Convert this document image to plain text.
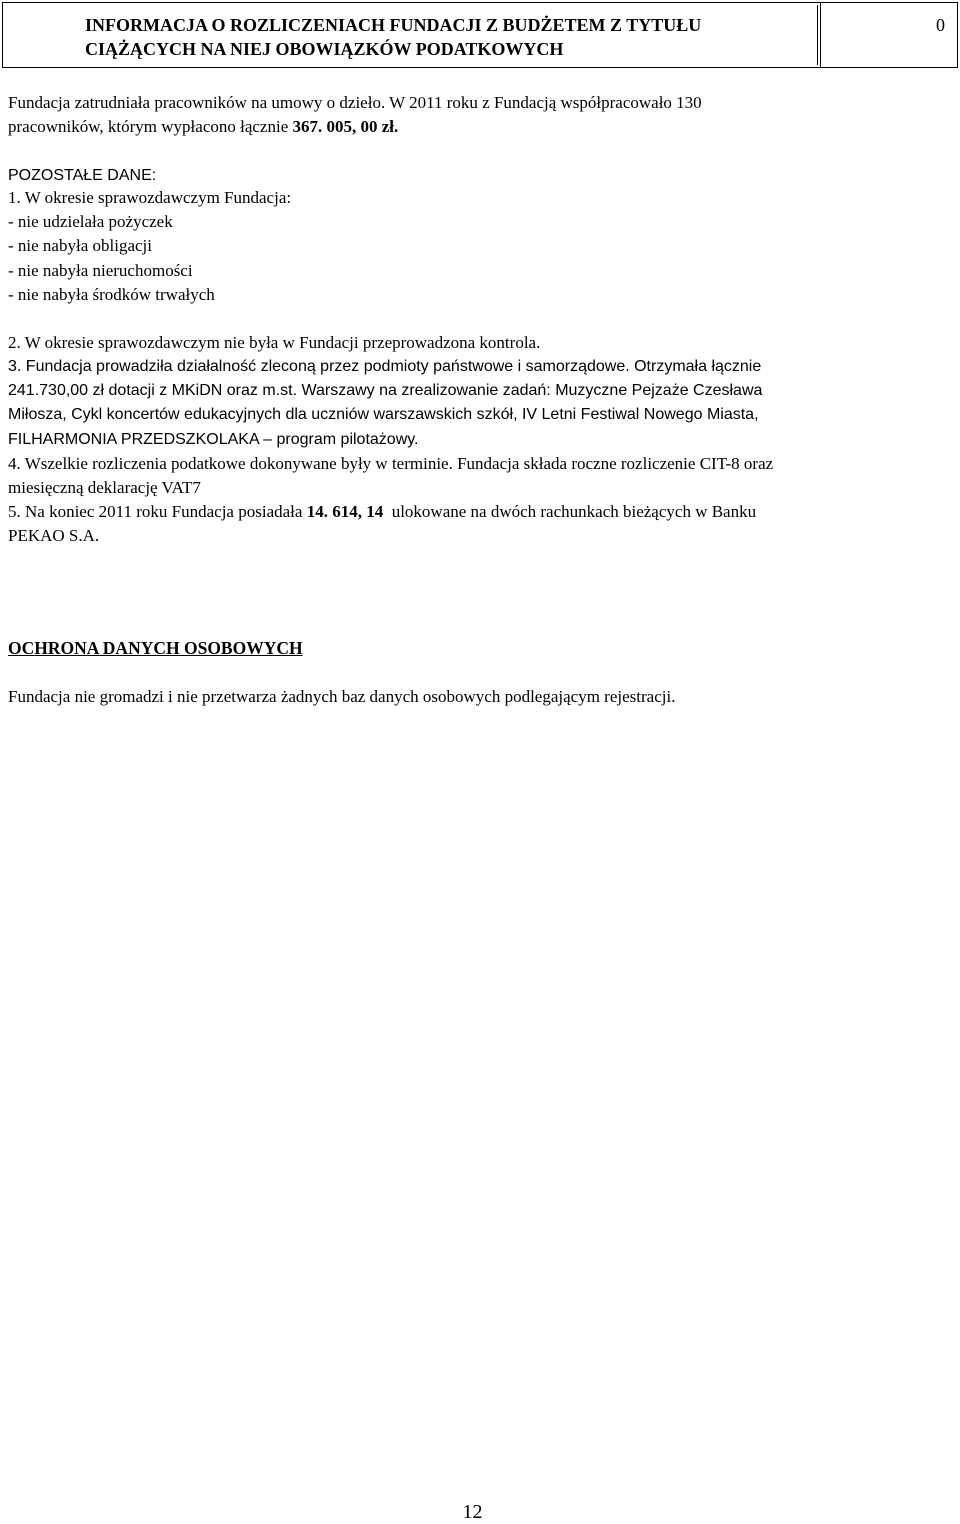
INFORMACJA O ROZLICZENIACH FUNDACJI Z BUDŻETEM Z TYTUŁU
CIĄŻĄCYCH NA NIEJ OBOWIĄZKÓW PODATKOWYCH
0
Fundacja zatrudniała pracowników na umowy o dzieło. W 2011 roku z Fundacją współpracowało 130
pracowników, którym wypłacono łącznie 367. 005, 00 zł.
POZOSTAŁE DANE:
1. W okresie sprawozdawczym Fundacja:
- nie udzielała pożyczek
- nie nabyła obligacji
- nie nabyła nieruchomości
- nie nabyła środków trwałych
2. W okresie sprawozdawczym nie była w Fundacji przeprowadzona kontrola.
3. Fundacja prowadziła działalność zleconą przez podmioty państwowe i samorządowe. Otrzymała łącznie
241.730,00 zł dotacji z MKiDN oraz m.st. Warszawy na zrealizowanie zadań: Muzyczne Pejzaże Czesława
Miłosza, Cykl koncertów edukacyjnych dla uczniów warszawskich szkół, IV Letni Festiwal Nowego Miasta,
FILHARMONIA PRZEDSZKOLAKA – program pilotażowy.
4. Wszelkie rozliczenia podatkowe dokonywane były w terminie. Fundacja składa roczne rozliczenie CIT-8 oraz
miesięczną deklarację VAT7
5. Na koniec 2011 roku Fundacja posiadała 14. 614, 14  ulokowane na dwóch rachunkach bieżących w Banku
PEKAO S.A.
OCHRONA DANYCH OSOBOWYCH
Fundacja nie gromadzi i nie przetwarza żadnych baz danych osobowych podlegającym rejestracji.
12
